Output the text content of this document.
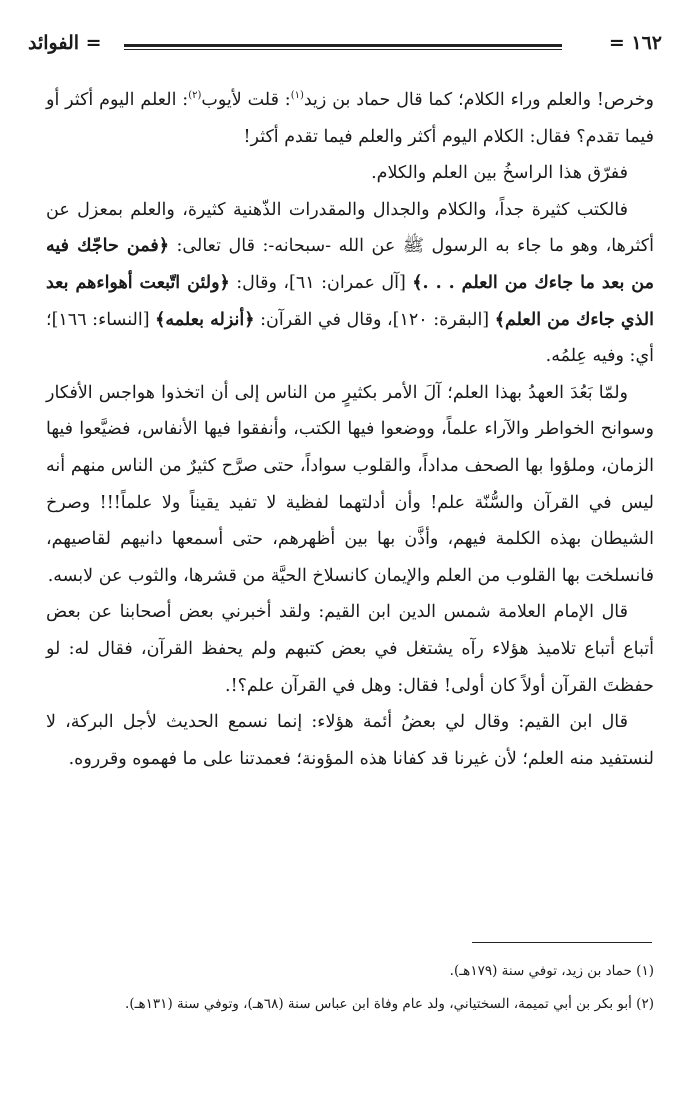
١٦٢ =
= الفوائد

وخرص! والعلم وراء الكلام؛ كما قال حماد بن زيد$^{(١)}$: قلت لأيوب$^{(٢)}$: العلم اليوم أكثر أو فيما تقدم؟ فقال: الكلام اليوم أكثر والعلم فيما تقدم أكثر!

ففرّق هذا الراسخُ بين العلم والكلام.

فالكتب كثيرة جداً، والكلام والجدال والمقدرات الذّهنية كثيرة، والعلم بمعزل عن أكثرها، وهو ما جاء به الرسول ﷺ عن الله -سبحانه-: قال تعالى: ﴿فمن حاجّك فيه من بعد ما جاءك من العلم . . .﴾ [آل عمران: ٦١]، وقال: ﴿ولئن اتّبعت أهواءهم بعد الذي جاءك من العلم﴾ [البقرة: ١٢٠]، وقال في القرآن: ﴿أنزله بعلمه﴾ [النساء: ١٦٦]؛ أي: وفيه عِلمُه.

ولمّا بَعُدَ العهدُ بهذا العلم؛ آلَ الأمر بكثيرٍ من الناس إلى أن اتخذوا هواجس الأفكار وسوانح الخواطر والآراء علماً، ووضعوا فيها الكتب، وأنفقوا فيها الأنفاس، فضيَّعوا فيها الزمان، وملؤوا بها الصحف مداداً، والقلوب سواداً، حتى صرَّح كثيرٌ من الناس منهم أنه ليس في القرآن والسُّنّة علم! وأن أدلتهما لفظية لا تفيد يقيناً ولا علماً!!! وصرخ الشيطان بهذه الكلمة فيهم، وأذَّن بها بين أظهرهم، حتى أسمعها دانيهم لقاصيهم، فانسلخت بها القلوب من العلم والإيمان كانسلاخ الحيَّة من قشرها، والثوب عن لابسه.

قال الإمام العلامة شمس الدين ابن القيم: ولقد أخبرني بعض أصحابنا عن بعض أتباع أتباع تلاميذ هؤلاء رآه يشتغل في بعض كتبهم ولم يحفظ القرآن، فقال له: لو حفظتَ القرآن أولاً كان أولى! فقال: وهل في القرآن علم؟!.

قال ابن القيم: وقال لي بعضُ أئمة هؤلاء: إنما نسمع الحديث لأجل البركة، لا لنستفيد منه العلم؛ لأن غيرنا قد كفانا هذه المؤونة؛ فعمدتنا على ما فهموه وقرروه.

(١) حماد بن زيد، توفي سنة (١٧٩هـ).

(٢) أبو بكر بن أبي تميمة، السختياني، ولد عام وفاة ابن عباس سنة (٦٨هـ)، وتوفي سنة (١٣١هـ).
